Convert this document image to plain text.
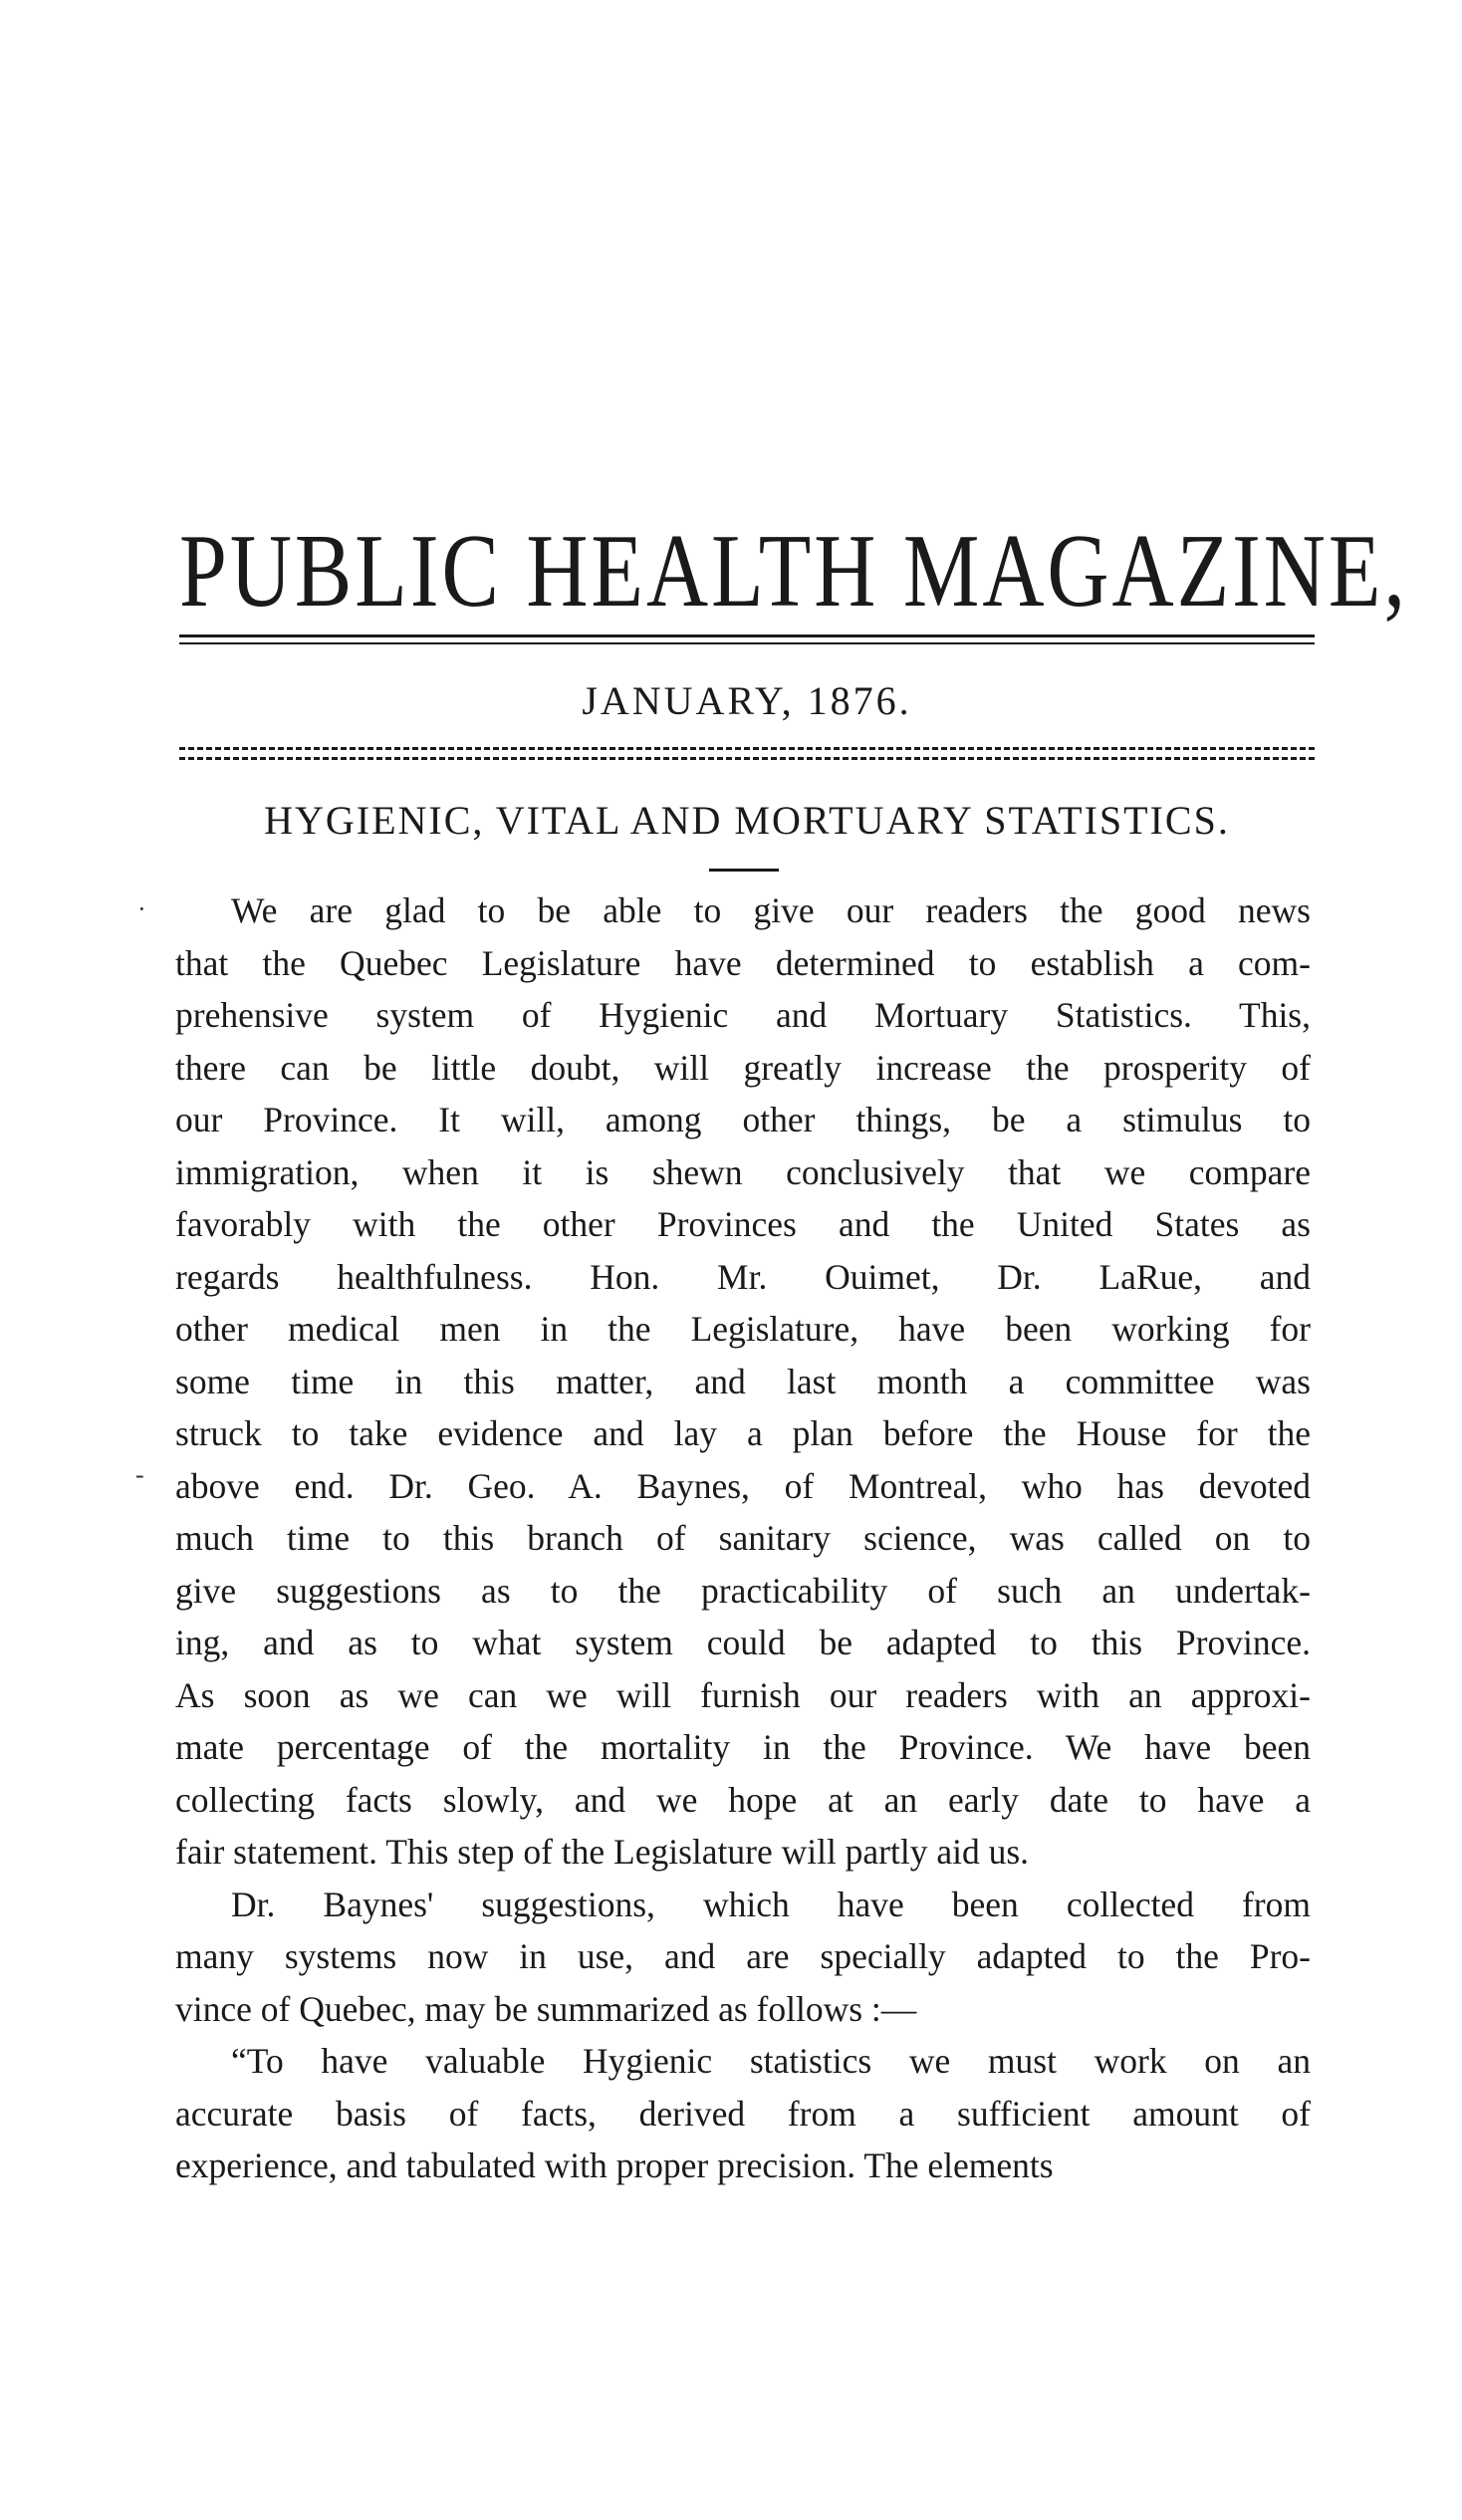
PUBLIC HEALTH MAGAZINE,
JANUARY, 1876.
HYGIENIC, VITAL AND MORTUARY STATISTICS.
We are glad to be able to give our readers the good news
that the Quebec Legislature have determined to establish a com-
prehensive system of Hygienic and Mortuary Statistics. This,
there can be little doubt, will greatly increase the prosperity of
our Province. It will, among other things, be a stimulus to
immigration, when it is shewn conclusively that we compare
favorably with the other Provinces and the United States as
regards healthfulness. Hon. Mr. Ouimet, Dr. LaRue, and
other medical men in the Legislature, have been working for
some time in this matter, and last month a committee was
struck to take evidence and lay a plan before the House for the
above end. Dr. Geo. A. Baynes, of Montreal, who has devoted
much time to this branch of sanitary science, was called on to
give suggestions as to the practicability of such an undertak-
ing, and as to what system could be adapted to this Province.
As soon as we can we will furnish our readers with an approxi-
mate percentage of the mortality in the Province. We have been
collecting facts slowly, and we hope at an early date to have a
fair statement. This step of the Legislature will partly aid us.
Dr. Baynes' suggestions, which have been collected from
many systems now in use, and are specially adapted to the Pro-
vince of Quebec, may be summarized as follows :—
“To have valuable Hygienic statistics we must work on an
accurate basis of facts, derived from a sufficient amount of
experience, and tabulated with proper precision. The elements
·
-
